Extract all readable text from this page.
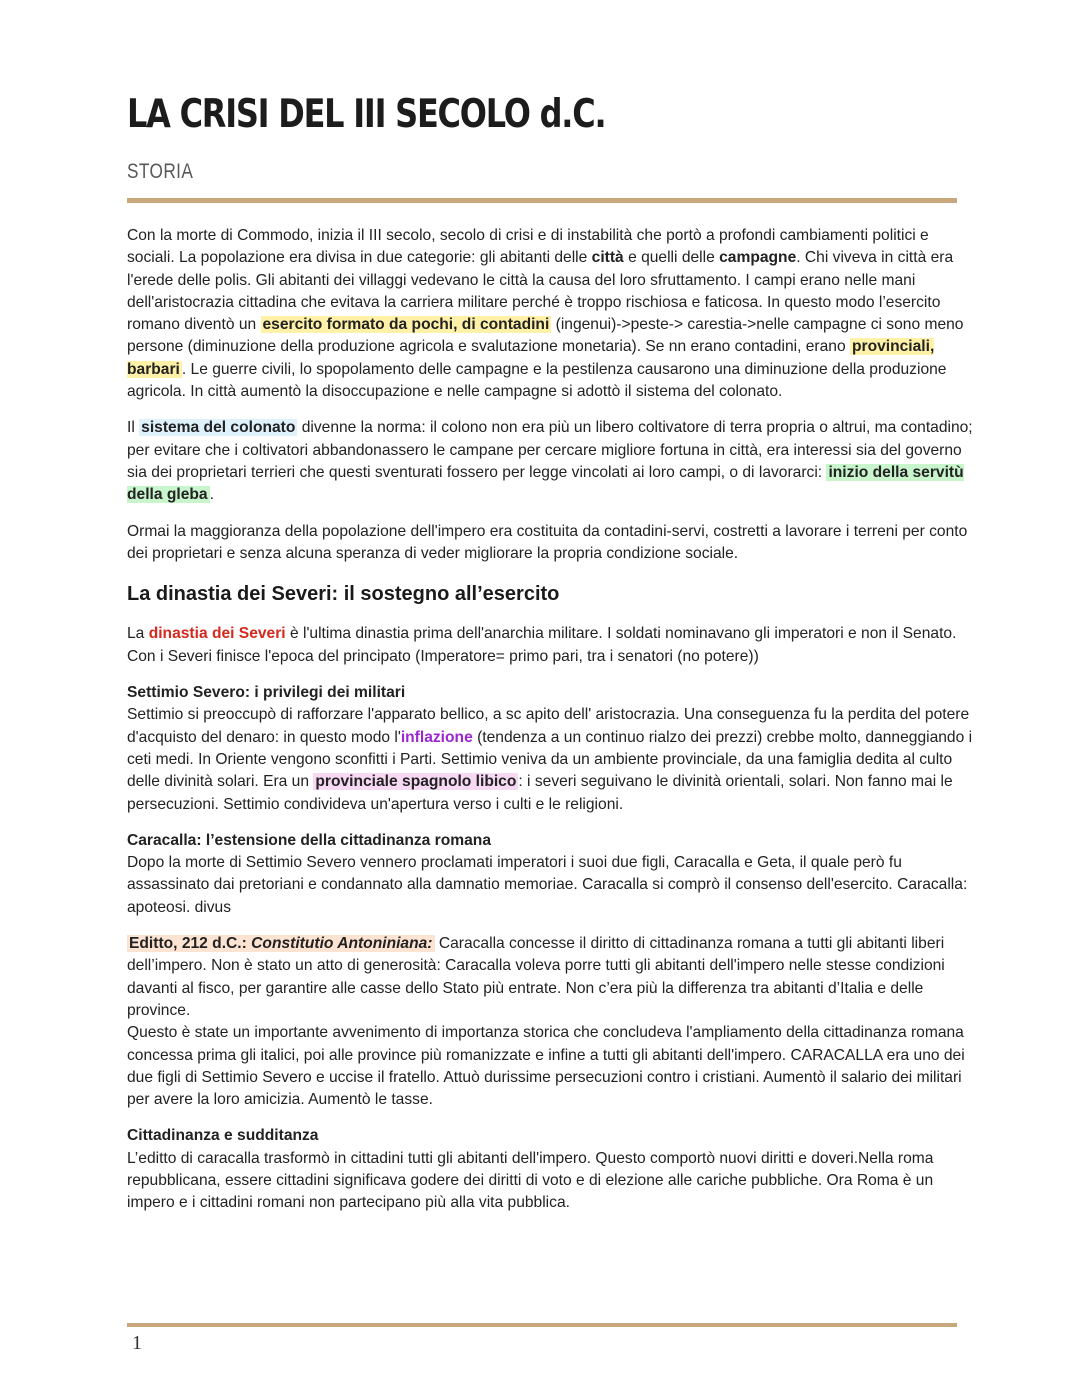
LA CRISI DEL III SECOLO d.C.
STORIA

Con la morte di Commodo, inizia il III secolo, secolo di crisi e di instabilità che portò a profondi cambiamenti politici e sociali. La popolazione era divisa in due categorie: gli abitanti delle città e quelli delle campagne. Chi viveva in città era l'erede delle polis. Gli abitanti dei villaggi vedevano le città la causa del loro sfruttamento. I campi erano nelle mani dell'aristocrazia cittadina che evitava la carriera militare perché è troppo rischiosa e faticosa. In questo modo l’esercito romano diventò un esercito formato da pochi, di contadini (ingenui)->peste-> carestia->nelle campagne ci sono meno persone (diminuzione della produzione agricola e svalutazione monetaria). Se nn erano contadini, erano provinciali, barbari . Le guerre civili, lo spopolamento delle campagne e la pestilenza causarono una diminuzione della produzione agricola. In città aumentò la disoccupazione e nelle campagne si adottò il sistema del colonato.

Il sistema del colonato divenne la norma: il colono non era più un libero coltivatore di terra propria o altrui, ma contadino; per evitare che i coltivatori abbandonassero le campane per cercare migliore fortuna in città, era interessi sia del governo sia dei proprietari terrieri che questi sventurati fossero per legge vincolati ai loro campi, o di lavorarci: inizio della servitù della gleba .

Ormai la maggioranza della popolazione dell'impero era costituita da contadini-servi, costretti a lavorare i terreni per conto dei proprietari e senza alcuna speranza di veder migliorare la propria condizione sociale.

La dinastia dei Severi: il sostegno all’esercito

La dinastia dei Severi è l'ultima dinastia prima dell'anarchia militare. I soldati nominavano gli imperatori e non il Senato. Con i Severi finisce l'epoca del principato (Imperatore= primo pari, tra i senatori (no potere))

Settimio Severo: i privilegi dei militari
Settimio si preoccupò di rafforzare l'apparato bellico, a sc apito dell' aristocrazia. Una conseguenza fu la perdita del potere d'acquisto del denaro: in questo modo l'inflazione (tendenza a un continuo rialzo dei prezzi) crebbe molto, danneggiando i ceti medi. In Oriente vengono sconfitti i Parti. Settimio veniva da un ambiente provinciale, da una famiglia dedita al culto delle divinità solari. Era un provinciale spagnolo libico : i severi seguivano le divinità orientali, solari. Non fanno mai le persecuzioni. Settimio condivideva un'apertura verso i culti e le religioni.

Caracalla: l’estensione della cittadinanza romana
Dopo la morte di Settimio Severo vennero proclamati imperatori i suoi due figli, Caracalla e Geta, il quale però fu assassinato dai pretoriani e condannato alla damnatio memoriae. Caracalla si comprò il consenso dell'esercito. Caracalla: apoteosi. divus

Editto, 212 d.C.: Constitutio Antoniniana: Caracalla concesse il diritto di cittadinanza romana a tutti gli abitanti liberi dell’impero. Non è stato un atto di generosità: Caracalla voleva porre tutti gli abitanti dell'impero nelle stesse condizioni davanti al fisco, per garantire alle casse dello Stato più entrate. Non c’era più la differenza tra abitanti d’Italia e delle province.
Questo è state un importante avvenimento di importanza storica che concludeva l'ampliamento della cittadinanza romana concessa prima gli italici, poi alle province più romanizzate e infine a tutti gli abitanti dell'impero. CARACALLA era uno dei due figli di Settimio Severo e uccise il fratello. Attuò durissime persecuzioni contro i cristiani. Aumentò il salario dei militari per avere la loro amicizia. Aumentò le tasse.

Cittadinanza e sudditanza
L’editto di caracalla trasformò in cittadini tutti gli abitanti dell'impero. Questo comportò nuovi diritti e doveri.Nella roma repubblicana, essere cittadini significava godere dei diritti di voto e di elezione alle cariche pubbliche. Ora Roma è un impero e i cittadini romani non partecipano più alla vita pubblica.

1
